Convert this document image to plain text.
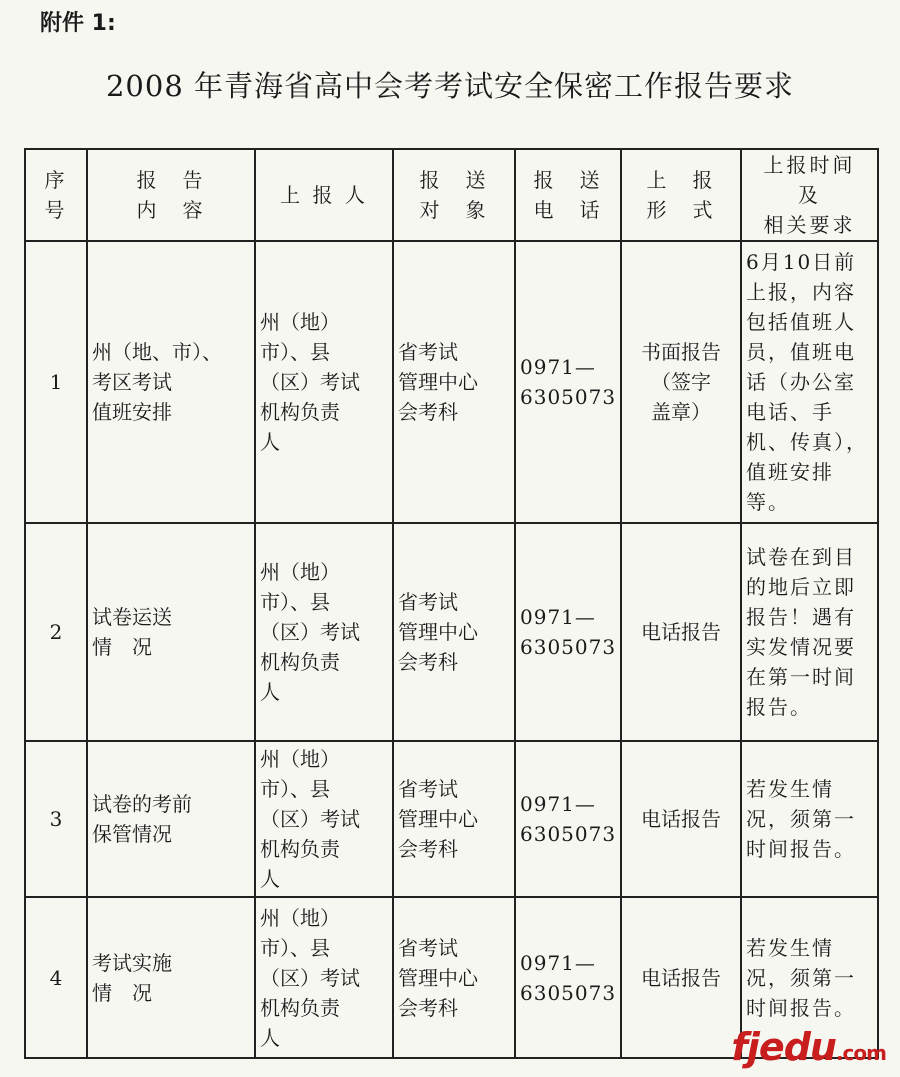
附件 1:
2008 年青海省高中会考考试安全保密工作报告要求
序
号	报　告
内　容	上 报 人	报　送
对　象	报　送
电　话	上　报
形　式	上报时间
及
相关要求
1	州（地、市）、
考区考试
值班安排	州（地）
市）、县
（区）考试
机构负责
人	省考试
管理中心
会考科	0971—
6305073	书面报告
（签字
盖章）	6月10日前上报，内容包括值班人员，值班电话（办公室电话、手机、传真），值班安排等。
2	试卷运送
情　况	州（地）
市）、县
（区）考试
机构负责
人	省考试
管理中心
会考科	0971—
6305073	电话报告	试卷在到目的地后立即报告！遇有实发情况要在第一时间报告。
3	试卷的考前
保管情况	州（地）
市）、县
（区）考试
机构负责
人	省考试
管理中心
会考科	0971—
6305073	电话报告	若发生情况，须第一时间报告。
4	考试实施
情　况	州（地）
市）、县
（区）考试
机构负责
人	省考试
管理中心
会考科	0971—
6305073	电话报告	若发生情况，须第一时间报告。
fjedu.com
